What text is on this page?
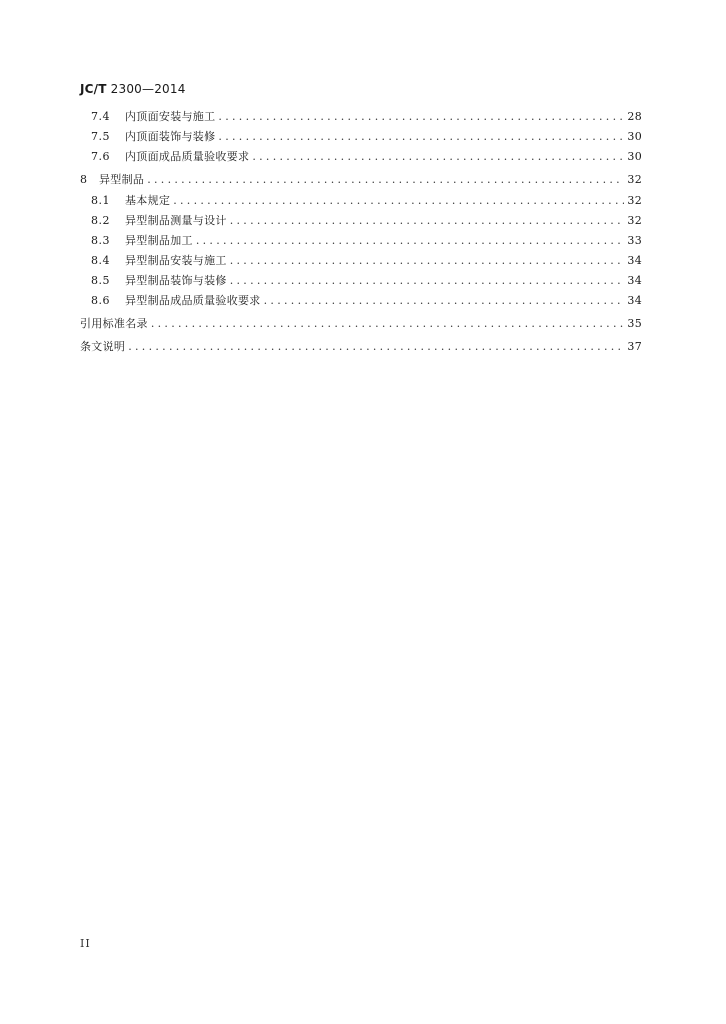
JC/T 2300—2014
7.4	内顶面安装与施工 .....	28
7.5	内顶面装饰与装修 .....	30
7.6	内顶面成品质量验收要求 .....	30
8	异型制品 .....	32
8.1	基本规定 .....	32
8.2	异型制品测量与设计 .....	32
8.3	异型制品加工 .....	33
8.4	异型制品安装与施工 .....	34
8.5	异型制品装饰与装修 .....	34
8.6	异型制品成品质量验收要求 .....	34
引用标准名录 .....	35
条文说明 .....	37
II
